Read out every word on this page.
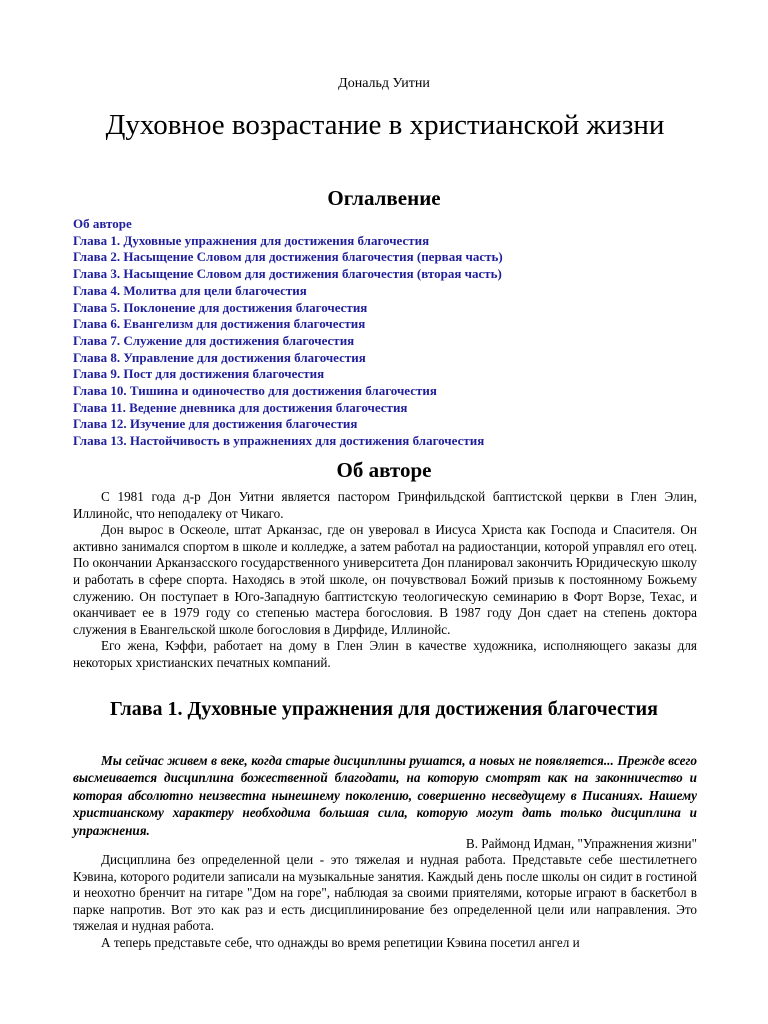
Дональд Уитни
Духовное возрастание в христианской жизни
Оглалвение
Об авторе
Глава 1. Духовные упражнения для достижения благочестия
Глава 2. Насыщение Словом для достижения благочестия (первая часть)
Глава 3. Насыщение Словом для достижения благочестия (вторая часть)
Глава 4. Молитва для цели благочестия
Глава 5. Поклонение для достижения благочестия
Глава 6. Евангелизм для достижения благочестия
Глава 7. Служение для достижения благочестия
Глава 8. Управление для достижения благочестия
Глава 9. Пост для достижения благочестия
Глава 10. Тишина и одиночество для достижения благочестия
Глава 11. Ведение дневника для достижения благочестия
Глава 12. Изучение для достижения благочестия
Глава 13. Настойчивость в упражнениях для достижения благочестия
Об авторе

С 1981 года д-р Дон Уитни является пастором Гринфильдской баптистской церкви в Глен Элин, Иллинойс, что неподалеку от Чикаго.

Дон вырос в Оскеоле, штат Арканзас, где он уверовал в Иисуса Христа как Господа и Спасителя. Он активно занимался спортом в школе и колледже, а затем работал на радиостанции, которой управлял его отец. По окончании Арканзасского государственного университета Дон планировал закончить Юридическую школу и работать в сфере спорта. Находясь в этой школе, он почувствовал Божий призыв к постоянному Божьему служению. Он поступает в Юго-Западную баптистскую теологическую семинарию в Форт Ворзе, Техас, и оканчивает ее в 1979 году со степенью мастера богословия. В 1987 году Дон сдает на степень доктора служения в Евангельской школе богословия в Дирфиде, Иллинойс.

Его жена, Кэффи, работает на дому в Глен Элин в качестве художника, исполняющего заказы для некоторых христианских печатных компаний.

Глава 1. Духовные упражнения для достижения благочестия

Мы сейчас живем в веке, когда старые дисциплины рушатся, а новых не появляется... Прежде всего высмеивается дисциплина божественной благодати, на которую смотрят как на законничество и которая абсолютно неизвестна нынешнему поколению, совершенно несведущему в Писаниях. Нашему христианскому характеру необходима большая сила, которую могут дать только дисциплина и упражнения.

В. Раймонд Идман, "Упражнения жизни"

Дисциплина без определенной цели - это тяжелая и нудная работа. Представьте себе шестилетнего Кэвина, которого родители записали на музыкальные занятия. Каждый день после школы он сидит в гостиной и неохотно бренчит на гитаре "Дом на горе", наблюдая за своими приятелями, которые играют в баскетбол в парке напротив. Вот это как раз и есть дисциплинирование без определенной цели или направления. Это тяжелая и нудная работа.

А теперь представьте себе, что однажды во время репетиции Кэвина посетил ангел и
